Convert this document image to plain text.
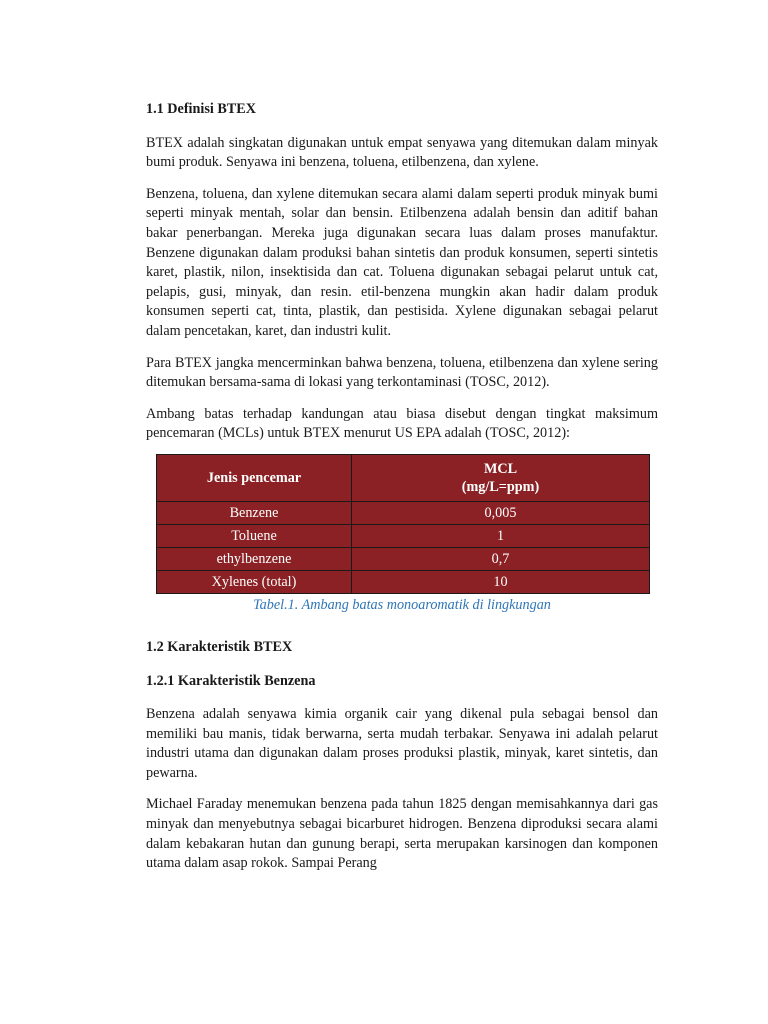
1.1 Definisi BTEX

BTEX adalah singkatan digunakan untuk empat senyawa yang ditemukan dalam minyak bumi produk. Senyawa ini benzena, toluena, etilbenzena, dan xylene.

Benzena, toluena, dan xylene ditemukan secara alami dalam seperti produk minyak bumi seperti minyak mentah, solar dan bensin. Etilbenzena adalah bensin dan aditif bahan bakar penerbangan. Mereka juga digunakan secara luas dalam proses manufaktur. Benzene digunakan dalam produksi bahan sintetis dan produk konsumen, seperti sintetis karet, plastik, nilon, insektisida dan cat. Toluena digunakan sebagai pelarut untuk cat, pelapis, gusi, minyak, dan resin. etil-benzena mungkin akan hadir dalam produk konsumen seperti cat, tinta, plastik, dan pestisida. Xylene digunakan sebagai pelarut dalam pencetakan, karet, dan industri kulit.

Para BTEX jangka mencerminkan bahwa benzena, toluena, etilbenzena dan xylene sering ditemukan bersama-sama di lokasi yang terkontaminasi (TOSC, 2012).

Ambang batas terhadap kandungan atau biasa disebut dengan tingkat maksimum pencemaran (MCLs) untuk BTEX menurut US EPA adalah (TOSC, 2012):

Jenis pencemar	MCL
(mg/L=ppm)
Benzene	0,005
Toluene	1
ethylbenzene	0,7
Xylenes (total)	10
Tabel.1. Ambang batas monoaromatik di lingkungan
1.2 Karakteristik BTEX
1.2.1 Karakteristik Benzena

Benzena adalah senyawa kimia organik cair yang dikenal pula sebagai bensol dan memiliki bau manis, tidak berwarna, serta mudah terbakar. Senyawa ini adalah pelarut industri utama dan digunakan dalam proses produksi plastik, minyak, karet sintetis, dan pewarna.

Michael Faraday menemukan benzena pada tahun 1825 dengan memisahkannya dari gas minyak dan menyebutnya sebagai bicarburet hidrogen. Benzena diproduksi secara alami dalam kebakaran hutan dan gunung berapi, serta merupakan karsinogen dan komponen utama dalam asap rokok. Sampai Perang
